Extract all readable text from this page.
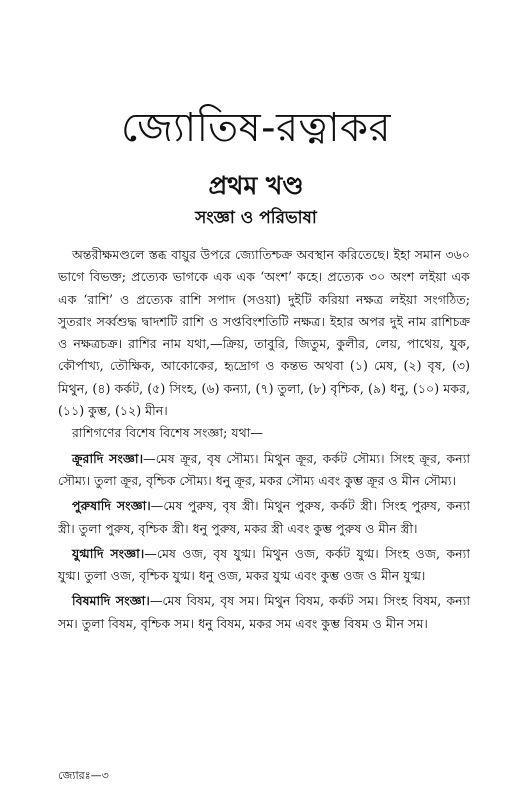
জ্যোতিষ-রত্নাকর
প্রথম খণ্ড
সংজ্ঞা ও পরিভাষা

অন্তরীক্ষমণ্ডলে স্তব্ধ বায়ুর উপরে জ্যোতিশ্চক্র অবস্থান করিতেছে। ইহা সমান ৩৬০ ভাগে বিভক্ত; প্রত্যেক ভাগকে এক এক ‘অংশ’ কহে। প্রত্যেক ৩০ অংশ লইয়া এক এক ‘রাশি’ ও প্রত্যেক রাশি সপাদ (সওয়া) দুইটি করিয়া নক্ষত্র লইয়া সংগঠিত; সুতরাং সর্ব্বশুদ্ধ দ্বাদশটি রাশি ও সপ্তবিংশতিটি নক্ষত্র। ইহার অপর দুই নাম রাশিচক্র ও নক্ষত্রচক্র। রাশির নাম যথা,—ক্রিয়, তাবুরি, জিতুম, কুলীর, লেয়, পাথেয়, যুক, কৌর্পাখ্য, তৌক্ষিক, আকোকের, হৃদ্রোগ ও কন্তভ অথবা (১) মেষ, (২) বৃষ, (৩) মিথুন, (৪) কর্কট, (৫) সিংহ, (৬) কন্যা, (৭) তুলা, (৮) বৃশ্চিক, (৯) ধনু, (১০) মকর, (১১) কুম্ভ, (১২) মীন।

রাশিগণের বিশেষ বিশেষ সংজ্ঞা; যথা—

ক্রূরাদি সংজ্ঞা।—মেষ ক্রূর, বৃষ সৌম্য। মিথুন ক্রূর, কর্কট সৌম্য। সিংহ ক্রূর, কন্যা সৌম্য। তুলা ক্রূর, বৃশ্চিক সৌম্য। ধনু ক্রূর, মকর সৌম্য এবং কুম্ভ ক্রূর ও মীন সৌম্য।

পুরুষাদি সংজ্ঞা।—মেষ পুরুষ, বৃষ স্ত্রী। মিথুন পুরুষ, কর্কট স্ত্রী। সিংহ পুরুষ, কন্যা স্ত্রী। তুলা পুরুষ, বৃশ্চিক স্ত্রী। ধনু পুরুষ, মকর স্ত্রী এবং কুম্ভ পুরুষ ও মীন স্ত্রী।

যুগ্মাদি সংজ্ঞা।—মেষ ওজ, বৃষ যুগ্ম। মিথুন ওজ, কর্কট যুগ্ম। সিংহ ওজ, কন্যা যুগ্ম। তুলা ওজ, বৃশ্চিক যুগ্ম। ধনু ওজ, মকর যুগ্ম এবং কুম্ভ ওজ ও মীন যুগ্ম।

বিষমাদি সংজ্ঞা।—মেষ বিষম, বৃষ সম। মিথুন বিষম, কর্কট সম। সিংহ বিষম, কন্যা সম। তুলা বিষম, বৃশ্চিক সম। ধনু বিষম, মকর সম এবং কুম্ভ বিষম ও মীন সম।

জ্যোরঃ—৩
